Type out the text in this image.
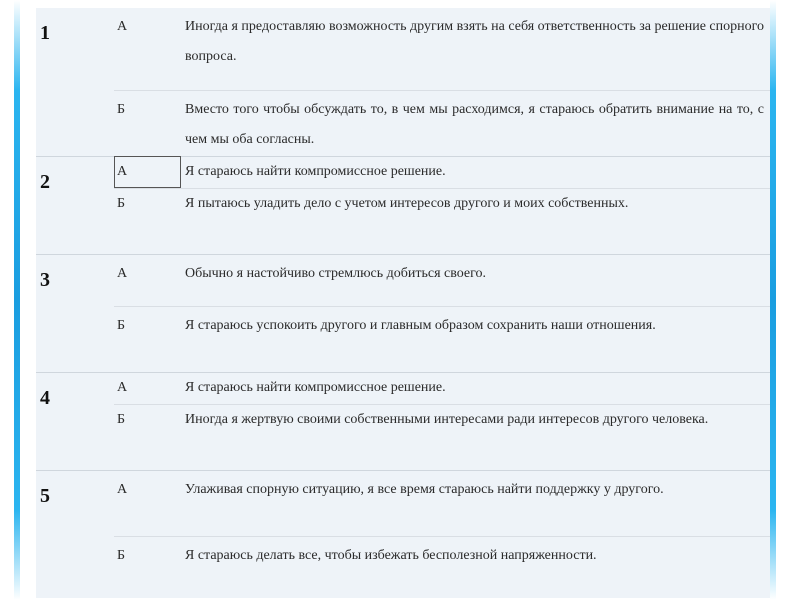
1	А	Иногда я предоставляю возможность другим взять на себя ответственность за решение спорного вопроса.
	Б	Вместо того чтобы обсуждать то, в чем мы расходимся, я стараюсь обратить внимание на то, с чем мы оба согласны.
2	А	Я стараюсь найти компромиссное решение.
	Б	Я пытаюсь уладить дело с учетом интересов другого и моих собственных.
3	А	Обычно я настойчиво стремлюсь добиться своего.
	Б	Я стараюсь успокоить другого и главным образом сохранить наши отношения.
4	А	Я стараюсь найти компромиссное решение.
	Б	Иногда я жертвую своими собственными интересами ради интересов другого человека.
5	А	Улаживая спорную ситуацию, я все время стараюсь найти поддержку у другого.
	Б	Я стараюсь делать все, чтобы избежать бесполезной напряженности.
